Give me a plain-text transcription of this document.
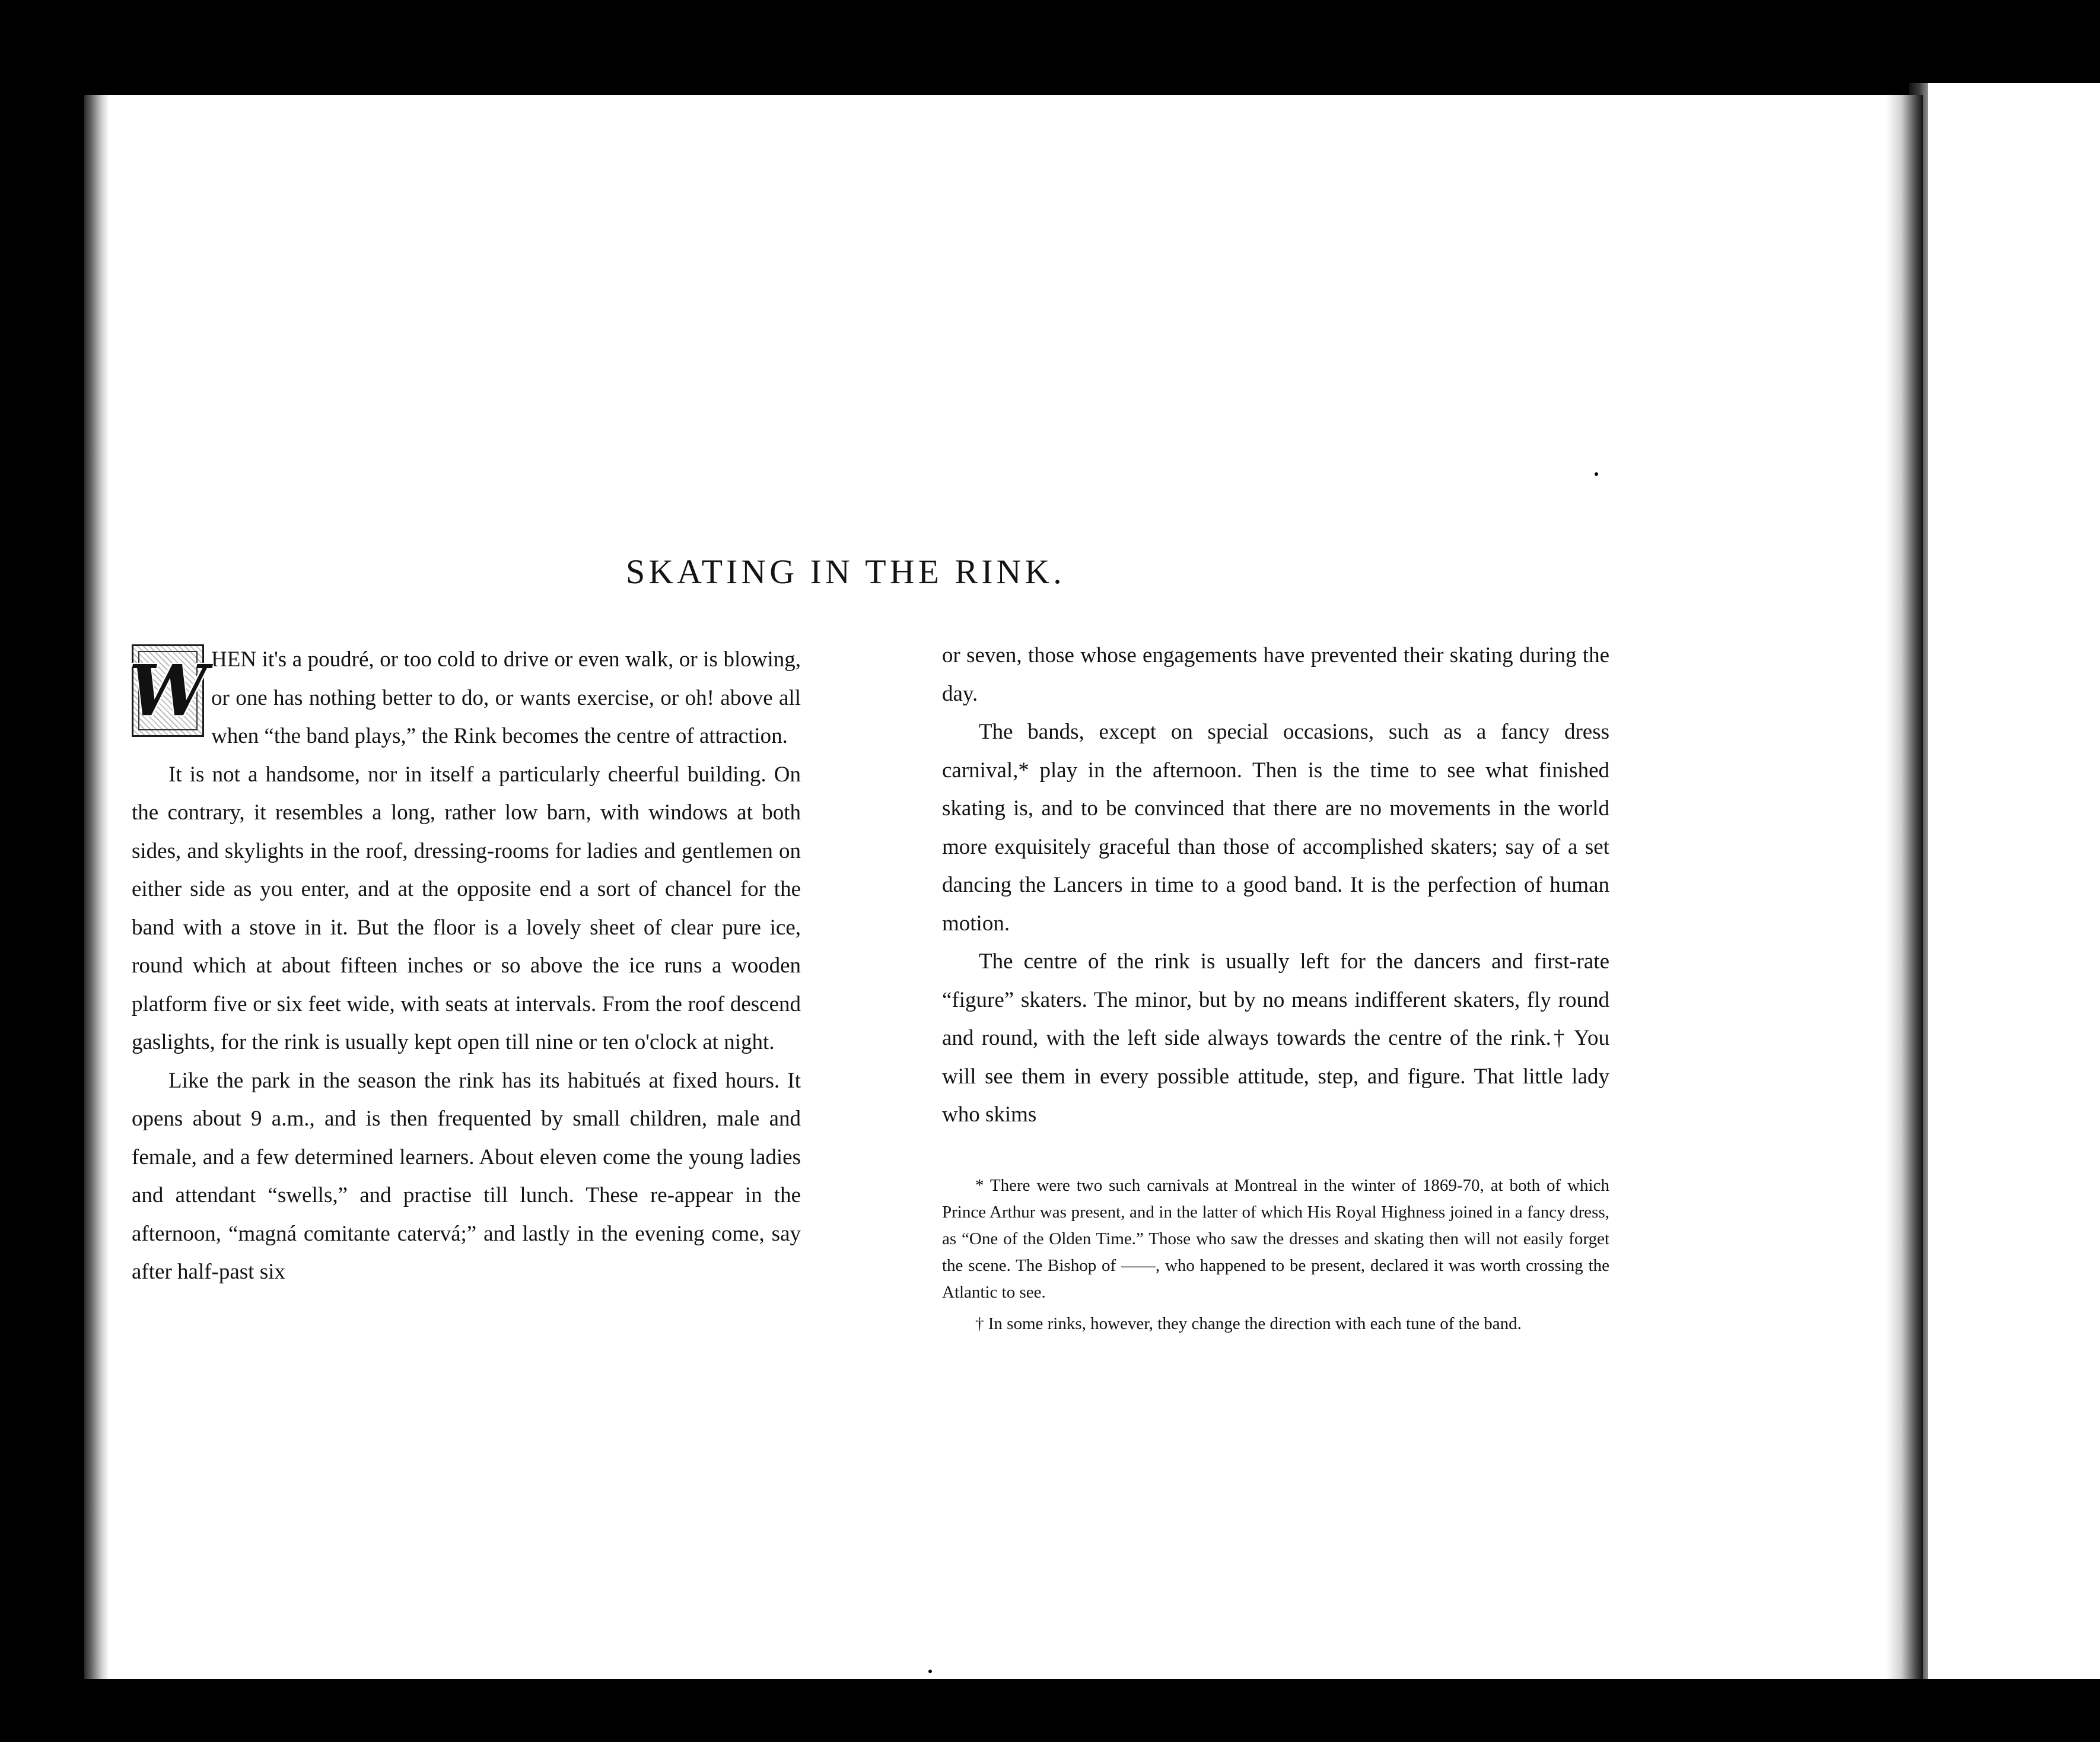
SKATING IN THE RINK.

W HEN it's a poudré, or too cold to drive or even walk, or is blowing, or one has nothing better to do, or wants exercise, or oh! above all when “the band plays,” the Rink becomes the centre of attraction.

It is not a handsome, nor in itself a particularly cheerful building. On the contrary, it resembles a long, rather low barn, with windows at both sides, and skylights in the roof, dressing-rooms for ladies and gentlemen on either side as you enter, and at the opposite end a sort of chancel for the band with a stove in it. But the floor is a lovely sheet of clear pure ice, round which at about fifteen inches or so above the ice runs a wooden platform five or six feet wide, with seats at intervals. From the roof descend gaslights, for the rink is usually kept open till nine or ten o'clock at night.

Like the park in the season the rink has its habitués at fixed hours. It opens about 9 a.m., and is then frequented by small children, male and female, and a few determined learners. About eleven come the young ladies and attendant “swells,” and practise till lunch. These re-appear in the afternoon, “magná comitante catervá;” and lastly in the evening come, say after half-past six

or seven, those whose engagements have prevented their skating during the day.

The bands, except on special occasions, such as a fancy dress carnival,* play in the afternoon. Then is the time to see what finished skating is, and to be convinced that there are no movements in the world more exquisitely graceful than those of accomplished skaters; say of a set dancing the Lancers in time to a good band. It is the perfection of human motion.

The centre of the rink is usually left for the dancers and first-rate “figure” skaters. The minor, but by no means indifferent skaters, fly round and round, with the left side always towards the centre of the rink.† You will see them in every possible attitude, step, and figure. That little lady who skims

* There were two such carnivals at Montreal in the winter of 1869-70, at both of which Prince Arthur was present, and in the latter of which His Royal Highness joined in a fancy dress, as “One of the Olden Time.” Those who saw the dresses and skating then will not easily forget the scene. The Bishop of ——, who happened to be present, declared it was worth crossing the Atlantic to see.

† In some rinks, however, they change the direction with each tune of the band.
